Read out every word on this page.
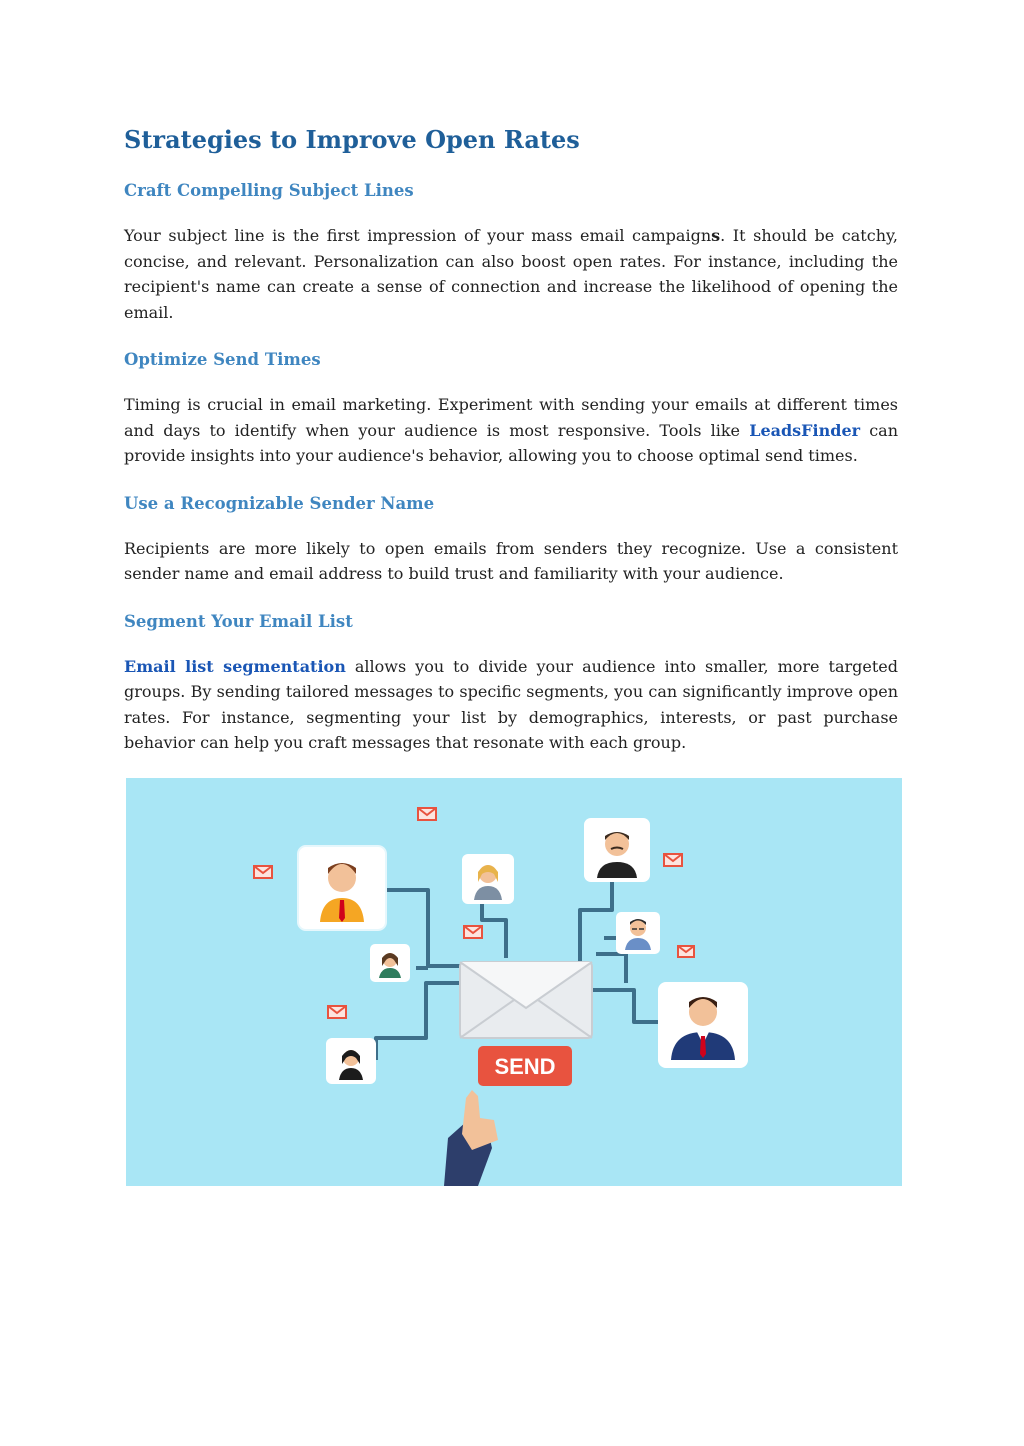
Strategies to Improve Open Rates
Craft Compelling Subject Lines

Your subject line is the first impression of your mass email campaigns. It should be catchy, concise, and relevant. Personalization can also boost open rates. For instance, including the recipient's name can create a sense of connection and increase the likelihood of opening the email.

Optimize Send Times

Timing is crucial in email marketing. Experiment with sending your emails at different times and days to identify when your audience is most responsive. Tools like LeadsFinder can provide insights into your audience's behavior, allowing you to choose optimal send times.

Use a Recognizable Sender Name

Recipients are more likely to open emails from senders they recognize. Use a consistent sender name and email address to build trust and familiarity with your audience.

Segment Your Email List

Email list segmentation allows you to divide your audience into smaller, more targeted groups. By sending tailored messages to specific segments, you can significantly improve open rates. For instance, segmenting your list by demographics, interests, or past purchase behavior can help you craft messages that resonate with each group.

SEND
